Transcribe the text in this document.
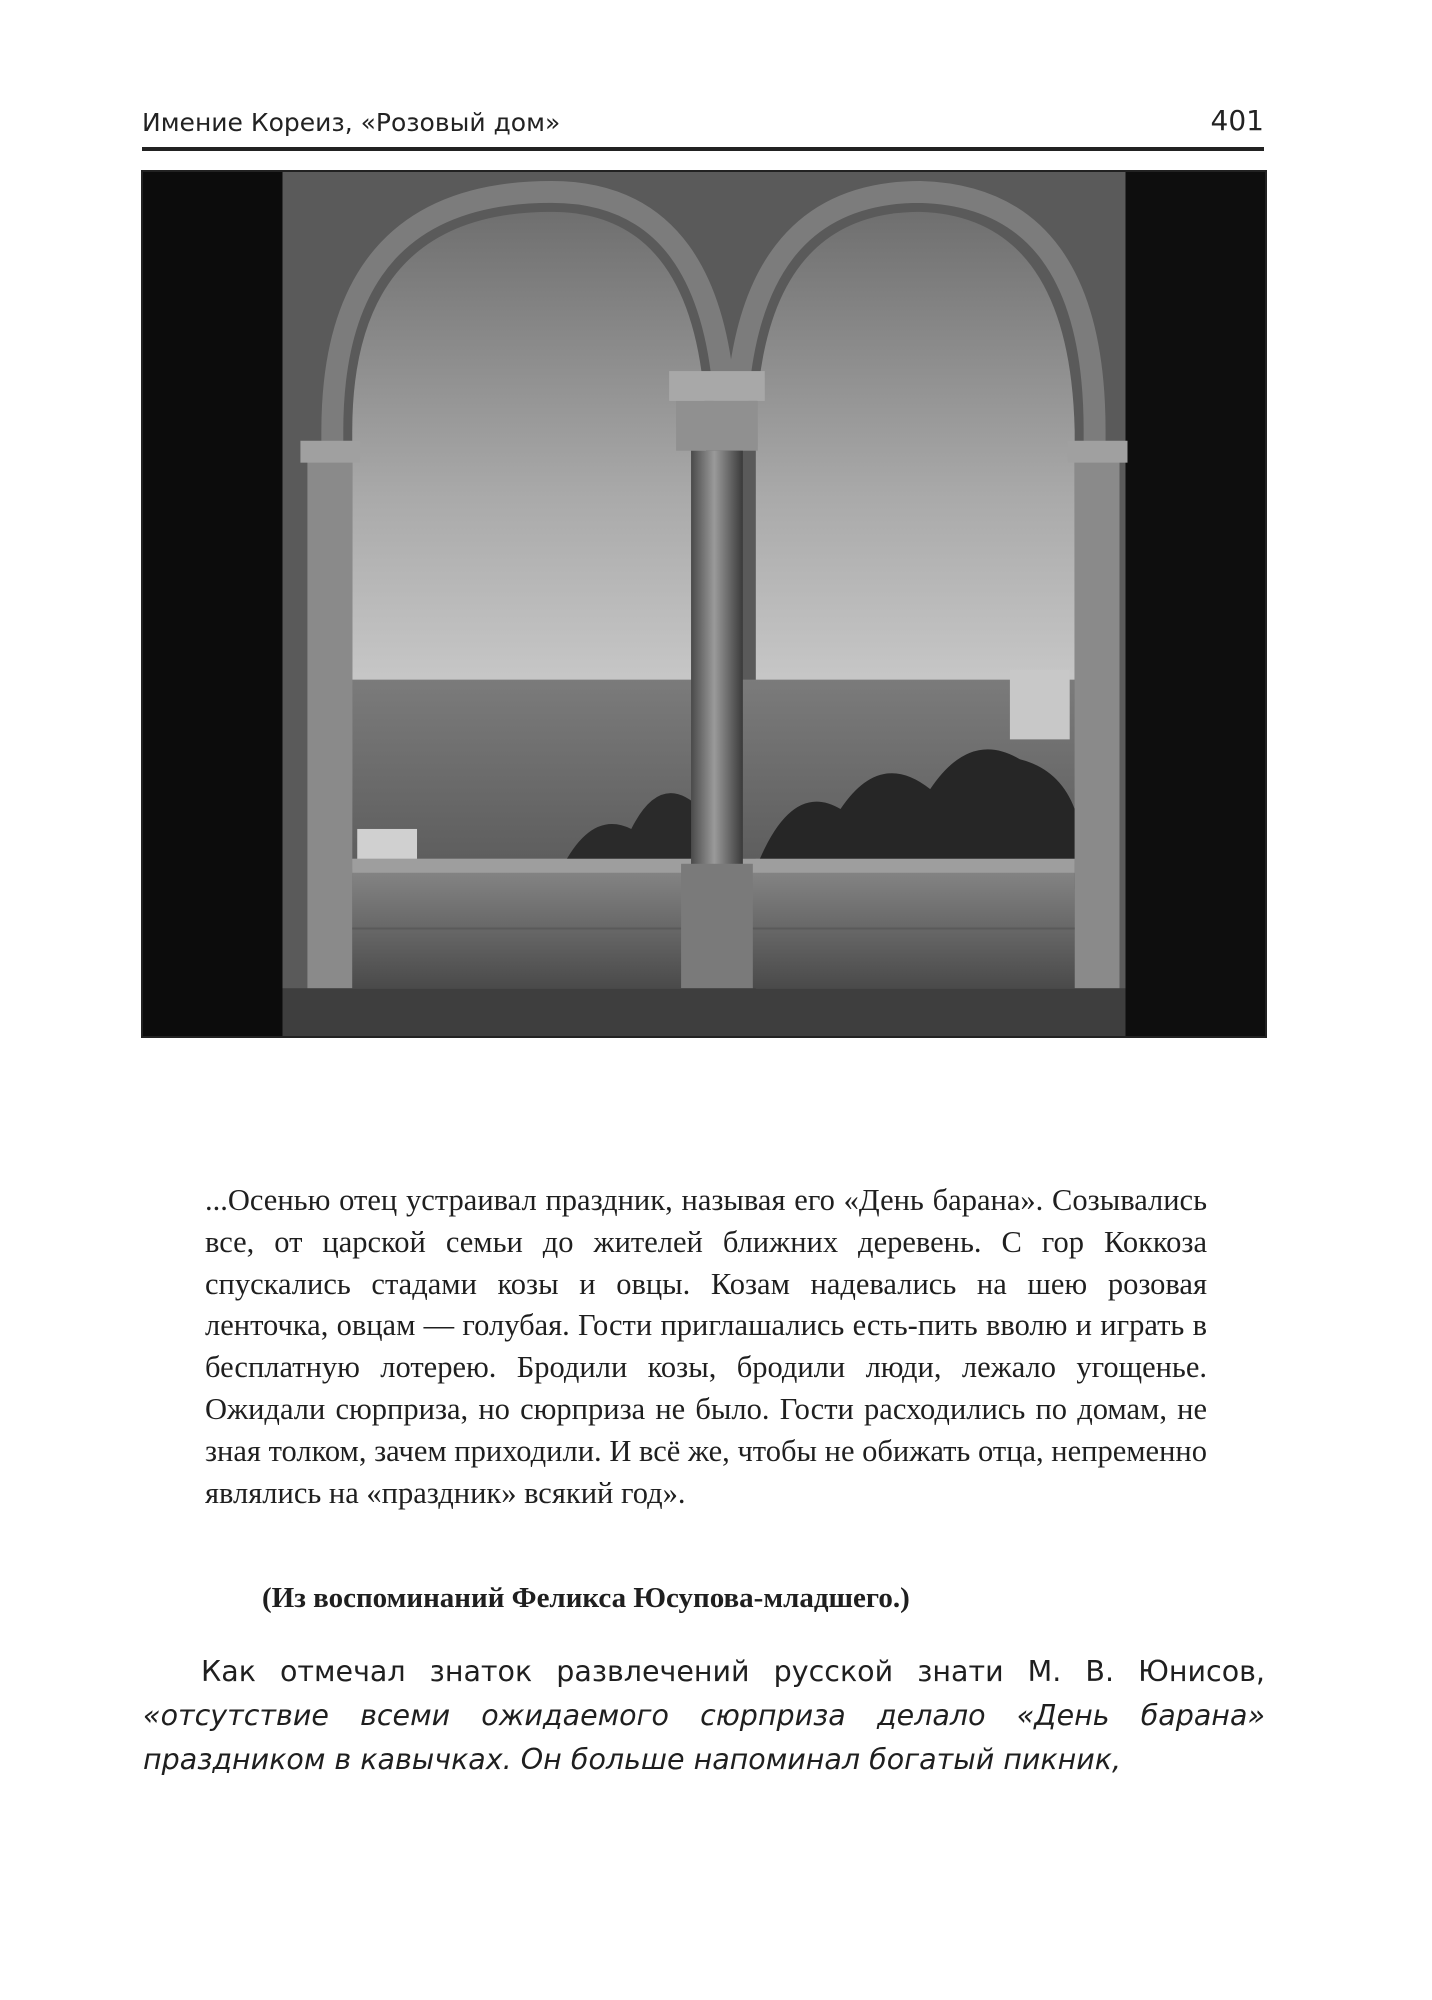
Имение Кореиз, «Розовый дом»	401

...Осенью отец устраивал праздник, называя его «День барана». Созывались все, от царской семьи до жителей ближних деревень. С гор Коккоза спускались стадами козы и овцы. Козам надевались на шею розовая ленточка, овцам — голубая. Гости приглашались есть-пить вволю и играть в бесплатную лотерею. Бродили козы, бродили люди, лежало угощенье. Ожидали сюрприза, но сюрприза не было. Гости расходились по домам, не зная толком, зачем приходили. И всё же, чтобы не обижать отца, непременно являлись на «праздник» всякий год».

(Из воспоминаний Феликса Юсупова-младшего.)

Как отмечал знаток развлечений русской знати М. В. Юнисов, «отсутствие всеми ожидаемого сюрприза делало «День барана» праздником в кавычках. Он больше напоминал богатый пикник,
